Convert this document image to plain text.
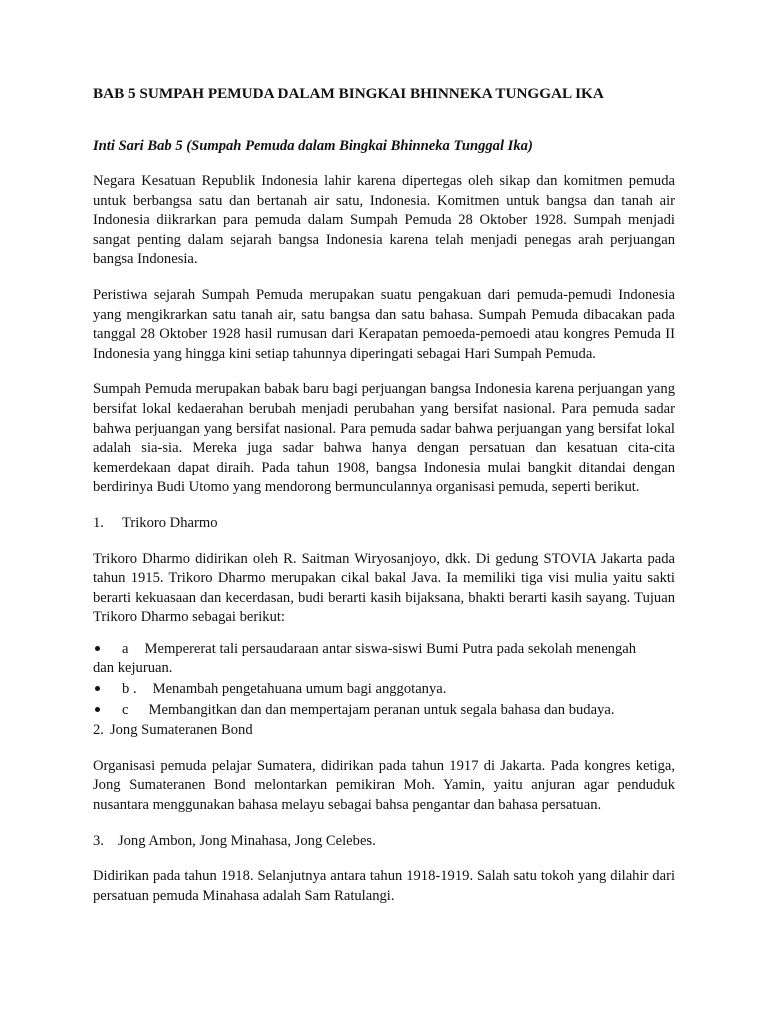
BAB 5 SUMPAH PEMUDA DALAM BINGKAI BHINNEKA TUNGGAL IKA
Inti Sari Bab 5 (Sumpah Pemuda dalam Bingkai Bhinneka Tunggal Ika)

Negara Kesatuan Republik Indonesia lahir karena dipertegas oleh sikap dan komitmen pemuda untuk berbangsa satu dan bertanah air satu, Indonesia. Komitmen untuk bangsa dan tanah air Indonesia diikrarkan para pemuda dalam Sumpah Pemuda 28 Oktober 1928. Sumpah menjadi sangat penting dalam sejarah bangsa Indonesia karena telah menjadi penegas arah perjuangan bangsa Indonesia.

Peristiwa sejarah Sumpah Pemuda merupakan suatu pengakuan dari pemuda-pemudi Indonesia yang mengikrarkan satu tanah air, satu bangsa dan satu bahasa. Sumpah Pemuda dibacakan pada tanggal 28 Oktober 1928 hasil rumusan dari Kerapatan pemoeda-pemoedi atau kongres Pemuda II Indonesia yang hingga kini setiap tahunnya diperingati sebagai Hari Sumpah Pemuda.

Sumpah Pemuda merupakan babak baru bagi perjuangan bangsa Indonesia karena perjuangan yang bersifat lokal kedaerahan berubah menjadi perubahan yang bersifat nasional. Para pemuda sadar bahwa perjuangan yang bersifat nasional. Para pemuda sadar bahwa perjuangan yang bersifat lokal adalah sia-sia. Mereka juga sadar bahwa hanya dengan persatuan dan kesatuan cita-cita kemerdekaan dapat diraih. Pada tahun 1908, bangsa Indonesia mulai bangkit ditandai dengan berdirinya Budi Utomo yang mendorong bermunculannya organisasi pemuda, seperti berikut.

1. Trikoro Dharmo

Trikoro Dharmo didirikan oleh R. Saitman Wiryosanjoyo, dkk. Di gedung STOVIA Jakarta pada tahun 1915. Trikoro Dharmo merupakan cikal bakal Java. Ia memiliki tiga visi mulia yaitu sakti berarti kekuasaan dan kecerdasan, budi berarti kasih bijaksana, bhakti berarti kasih sayang. Tujuan Trikoro Dharmo sebagai berikut:

a Mempererat tali persaudaraan antar siswa-siswi Bumi Putra pada sekolah menengah
dan kejuruan.
b . Menambah pengetahuana umum bagi anggotanya.
c Membangitkan dan dan mempertajam peranan untuk segala bahasa dan budaya.
2. Jong Sumateranen Bond

Organisasi pemuda pelajar Sumatera, didirikan pada tahun 1917 di Jakarta. Pada kongres ketiga, Jong Sumateranen Bond melontarkan pemikiran Moh. Yamin, yaitu anjuran agar penduduk nusantara menggunakan bahasa melayu sebagai bahsa pengantar dan bahasa persatuan.

3. Jong Ambon, Jong Minahasa, Jong Celebes.

Didirikan pada tahun 1918. Selanjutnya antara tahun 1918-1919. Salah satu tokoh yang dilahir dari persatuan pemuda Minahasa adalah Sam Ratulangi.
